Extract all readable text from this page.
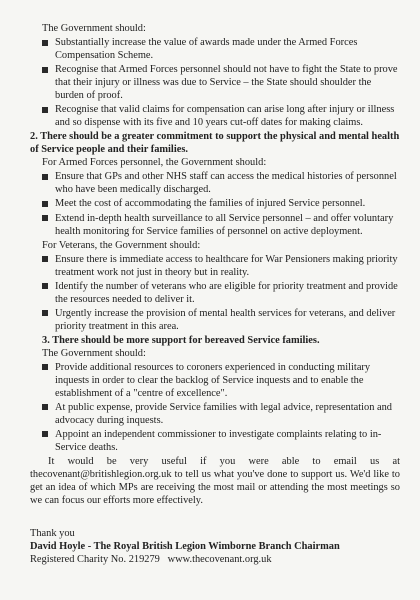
The Government should:
Substantially increase the value of awards made under the Armed Forces Compensation Scheme.
Recognise that Armed Forces personnel should not have to fight the State to prove that their injury or illness was due to Service – the State should shoulder the burden of proof.
Recognise that valid claims for compensation can arise long after injury or illness and so dispense with its five and 10 years cut-off dates for making claims.
2. There should be a greater commitment to support the physical and mental health of Service people and their families.
For Armed Forces personnel, the Government should:
Ensure that GPs and other NHS staff can access the medical histories of personnel who have been medically discharged.
Meet the cost of accommodating the families of injured Service personnel.
Extend in-depth health surveillance to all Service personnel – and offer voluntary health monitoring for Service families of personnel on active deployment.
For Veterans, the Government should:
Ensure there is immediate access to healthcare for War Pensioners making priority treatment work not just in theory but in reality.
Identify the number of veterans who are eligible for priority treatment and provide the resources needed to deliver it.
Urgently increase the provision of mental health services for veterans, and deliver priority treatment in this area.
3. There should be more support for bereaved Service families.
The Government should:
Provide additional resources to coroners experienced in conducting military inquests in order to clear the backlog of Service inquests and to enable the establishment of a "centre of excellence".
At public expense, provide Service families with legal advice, representation and advocacy during inquests.
Appoint an independent commissioner to investigate complaints relating to in-Service deaths.
It would be very useful if you were able to email us at thecovenant@britishlegion.org.uk to tell us what you've done to support us. We'd like to get an idea of which MPs are receiving the most mail or attending the most meetings so we can focus our efforts more effectively.
Thank you
David Hoyle - The Royal British Legion Wimborne Branch Chairman
Registered Charity No. 219279   www.thecovenant.org.uk
